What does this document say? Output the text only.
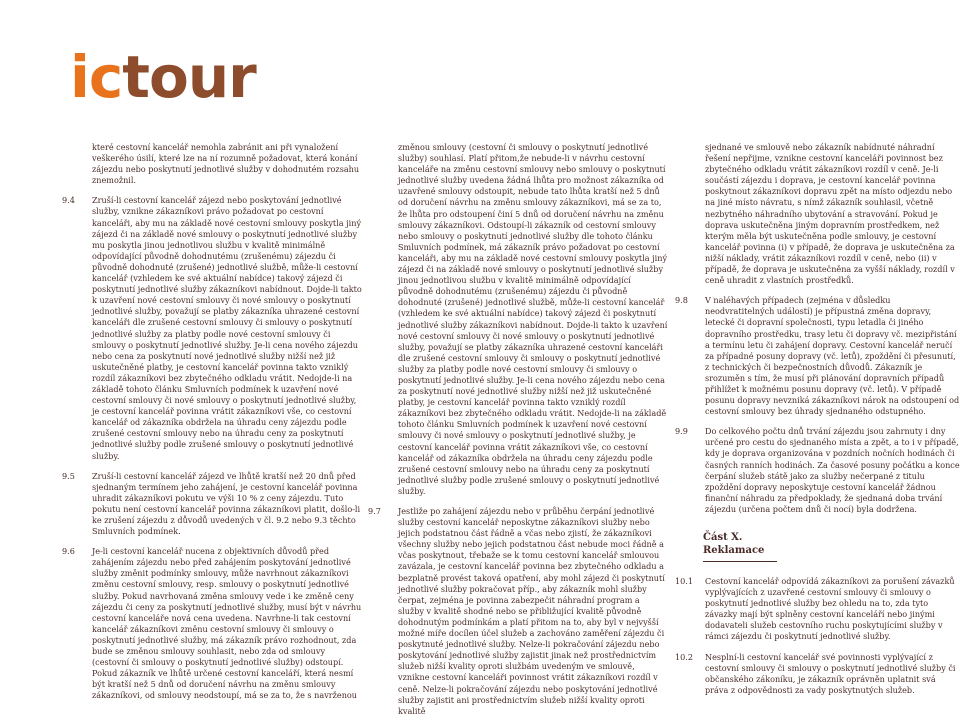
ictour
které cestovní kancelář nemohla zabránit ani při vynaložení veškerého úsilí, které lze na ní rozumně požadovat, která konání zájezdu nebo poskytnutí jednotlivé služby v dohodnutém rozsahu znemožnil.
9.4	Zruší-li cestovní kancelář zájezd nebo poskytování jednotlivé služby, vznikne zákazníkovi právo požadovat po cestovní kanceláři, aby mu na základě nové cestovní smlouvy poskytla jiný zájezd či na základě nové smlouvy o poskytnutí jednotlivé služby mu poskytla jinou jednotlivou službu v kvalitě minimálně odpovídající původně dohodnutému (zrušenému) zájezdu či původně dohodnuté (zrušené) jednotlivé službě, může-li cestovní kancelář (vzhledem ke své aktuální nabídce) takový zájezd či poskytnutí jednotlivé služby zákazníkovi nabídnout. Dojde-li takto k uzavření nové cestovní smlouvy či nové smlouvy o poskytnutí jednotlivé služby, považují se platby zákazníka uhrazené cestovní kanceláři dle zrušené cestovní smlouvy či smlouvy o poskytnutí jednotlivé služby za platby podle nové cestovní smlouvy či smlouvy o poskytnutí jednotlivé služby. Je-li cena nového zájezdu nebo cena za poskytnutí nové jednotlivé služby nižší než již uskutečněné platby, je cestovní kancelář povinna takto vzniklý rozdíl zákazníkovi bez zbytečného odkladu vrátit. Nedojde-li na základě tohoto článku Smluvních podmínek k uzavření nové cestovní smlouvy či nové smlouvy o poskytnutí jednotlivé služby, je cestovní kancelář povinna vrátit zákazníkovi vše, co cestovní kancelář od zákazníka obdržela na úhradu ceny zájezdu podle zrušené cestovní smlouvy nebo na úhradu ceny za poskytnutí jednotlivé služby podle zrušené smlouvy o poskytnutí jednotlivé služby.
9.5	Zruší-li cestovní kancelář zájezd ve lhůtě kratší než 20 dnů před sjednaným termínem jeho zahájení, je cestovní kancelář povinna uhradit zákazníkovi pokutu ve výši 10 % z ceny zájezdu. Tuto pokutu není cestovní kancelář povinna zákazníkovi platit, došlo-li ke zrušení zájezdu z důvodů uvedených v čl. 9.2 nebo 9.3 těchto Smluvních podmínek.
9.6	Je-li cestovní kancelář nucena z objektivních důvodů před zahájením zájezdu nebo před zahájením poskytování jednotlivé služby změnit podmínky smlouvy, může navrhnout zákazníkovi změnu cestovní smlouvy, resp. smlouvy o poskytnutí jednotlivé služby. Pokud navrhovaná změna smlouvy vede i ke změně ceny zájezdu či ceny za poskytnutí jednotlivé služby, musí být v návrhu cestovní kanceláře nová cena uvedena. Navrhne-li tak cestovní kancelář zákazníkovi změnu cestovní smlouvy či smlouvy o poskytnutí jednotlivé služby, má zákazník právo rozhodnout, zda bude se změnou smlouvy souhlasit, nebo zda od smlouvy (cestovní či smlouvy o poskytnutí jednotlivé služby) odstoupí. Pokud zákazník ve lhůtě určené cestovní kanceláří, která nesmí být kratší než 5 dnů od doručení návrhu na změnu smlouvy zákazníkovi, od smlouvy neodstoupí, má se za to, že s navrženou
změnou smlouvy (cestovní či smlouvy o poskytnutí jednotlivé služby) souhlasí. Platí přitom,že nebude-li v návrhu cestovní kanceláře na změnu cestovní smlouvy nebo smlouvy o poskytnutí jednotlivé služby uvedena žádná lhůta pro možnost zákazníka od uzavřené smlouvy odstoupit, nebude tato lhůta kratší než 5 dnů od doručení návrhu na změnu smlouvy zákazníkovi, má se za to, že lhůta pro odstoupení činí 5 dnů od doručení návrhu na změnu smlouvy zákazníkovi. Odstoupí-li zákazník od cestovní smlouvy nebo smlouvy o poskytnutí jednotlivé služby dle tohoto článku Smluvních podmínek, má zákazník právo požadovat po cestovní kanceláři, aby mu na základě nové cestovní smlouvy poskytla jiný zájezd či na základě nové smlouvy o poskytnutí jednotlivé služby jinou jednotlivou službu v kvalitě minimálně odpovídající původně dohodnutému (zrušenému) zájezdu či původně dohodnuté (zrušené) jednotlivé službě, může-li cestovní kancelář (vzhledem ke své aktuální nabídce) takový zájezd či poskytnutí jednotlivé služby zákazníkovi nabídnout. Dojde-li takto k uzavření nové cestovní smlouvy či nové smlouvy o poskytnutí jednotlivé služby, považují se platby zákazníka uhrazené cestovní kanceláři dle zrušené cestovní smlouvy či smlouvy o poskytnutí jednotlivé služby za platby podle nové cestovní smlouvy či smlouvy o poskytnutí jednotlivé služby. Je-li cena nového zájezdu nebo cena za poskytnutí nové jednotlivé služby nižší než již uskutečněné platby, je cestovní kancelář povinna takto vzniklý rozdíl zákazníkovi bez zbytečného odkladu vrátit. Nedojde-li na základě tohoto článku Smluvních podmínek k uzavření nové cestovní smlouvy či nové smlouvy o poskytnutí jednotlivé služby, je cestovní kancelář povinna vrátit zákazníkovi vše, co cestovní kancelář od zákazníka obdržela na úhradu ceny zájezdu podle zrušené cestovní smlouvy nebo na úhradu ceny za poskytnutí jednotlivé služby podle zrušené smlouvy o poskytnutí jednotlivé služby.
9.7	Jestliže po zahájení zájezdu nebo v průběhu čerpání jednotlivé služby cestovní kancelář neposkytne zákazníkovi služby nebo jejich podstatnou část řádně a včas nebo zjistí, že zákazníkovi všechny služby nebo jejich podstatnou část nebude moci řádně a včas poskytnout, třebaže se k tomu cestovní kancelář smlouvou zavázala, je cestovní kancelář povinna bez zbytečného odkladu a bezplatně provést taková opatření, aby mohl zájezd či poskytnutí jednotlivé služby pokračovat příp., aby zákazník mohl služby čerpat, zejména je povinna zabezpečit náhradní program a služby v kvalitě shodné nebo se přibližující kvalitě původně dohodnutým podmínkám a platí přitom na to, aby byl v nejvyšší možné míře docílen účel služeb a zachováno zaměření zájezdu či poskytnuté jednotlivé služby. Nelze-li pokračování zájezdu nebo poskytování jednotlivé služby zajistit jinak než prostřednictvím služeb nižší kvality oproti službám uvedeným ve smlouvě, vznikne cestovní kanceláři povinnost vrátit zákazníkovi rozdíl v ceně. Nelze-li pokračování zájezdu nebo poskytování jednotlivé služby zajistit ani prostřednictvím služeb nižší kvality oproti kvalitě
sjednané ve smlouvě nebo zákazník nabídnuté náhradní řešení nepřijme, vznikne cestovní kanceláři povinnost bez zbytečného odkladu vrátit zákazníkovi rozdíl v ceně. Je-li součástí zájezdu i doprava, je cestovní kancelář povinna poskytnout zákazníkovi dopravu zpět na místo odjezdu nebo na jiné místo návratu, s nímž zákazník souhlasil, včetně nezbytného náhradního ubytování a stravování. Pokud je doprava uskutečněna jiným dopravním prostředkem, než kterým měla být uskutečněna podle smlouvy, je cestovní kancelář povinna (i) v případě, že doprava je uskutečněna za nižší náklady, vrátit zákazníkovi rozdíl v ceně, nebo (ii) v případě, že doprava je uskutečněna za vyšší náklady, rozdíl v ceně uhradit z vlastních prostředků.
9.8	V naléhavých případech (zejména v důsledku neodvratitelných událostí) je přípustná změna dopravy, letecké či dopravní společnosti, typu letadla či jiného dopravního prostředku, trasy letu či dopravy vč. mezipřistání a termínu letu či zahájení dopravy. Cestovní kancelář neručí za případné posuny dopravy (vč. letů), zpoždění či přesunutí, z technických či bezpečnostních důvodů. Zákazník je srozuměn s tím, že musí při plánování dopravních případů přihlížet k možnému posunu dopravy (vč. letů). V případě posunu dopravy nevzniká zákazníkovi nárok na odstoupení od cestovní smlouvy bez úhrady sjednaného odstupného.
9.9	Do celkového počtu dnů trvání zájezdu jsou zahrnuty i dny určené pro cestu do sjednaného místa a zpět, a to i v případě, kdy je doprava organizována v pozdních nočních hodinách či časných ranních hodinách. Za časové posuny počátku a konce čerpání služeb státě jako za služby nečerpané z titulu zpoždění dopravy neposkytuje cestovní kancelář žádnou finanční náhradu za předpoklady, že sjednaná doba trvání zájezdu (určena počtem dnů či nocí) byla dodržena.
Část X.
Reklamace
10.1	Cestovní kancelář odpovídá zákazníkovi za porušení závazků vyplývajících z uzavřené cestovní smlouvy či smlouvy o poskytnutí jednotlivé služby bez ohledu na to, zda tyto závazky mají být splněny cestovní kanceláří nebo jinými dodavateli služeb cestovního ruchu poskytujícími služby v rámci zájezdu či poskytnutí jednotlivé služby.
10.2	Nesplní-li cestovní kancelář své povinnosti vyplývající z cestovní smlouvy či smlouvy o poskytnutí jednotlivé služby či občanského zákoníku, je zákazník oprávněn uplatnit svá práva z odpovědnosti za vady poskytnutých služeb.
